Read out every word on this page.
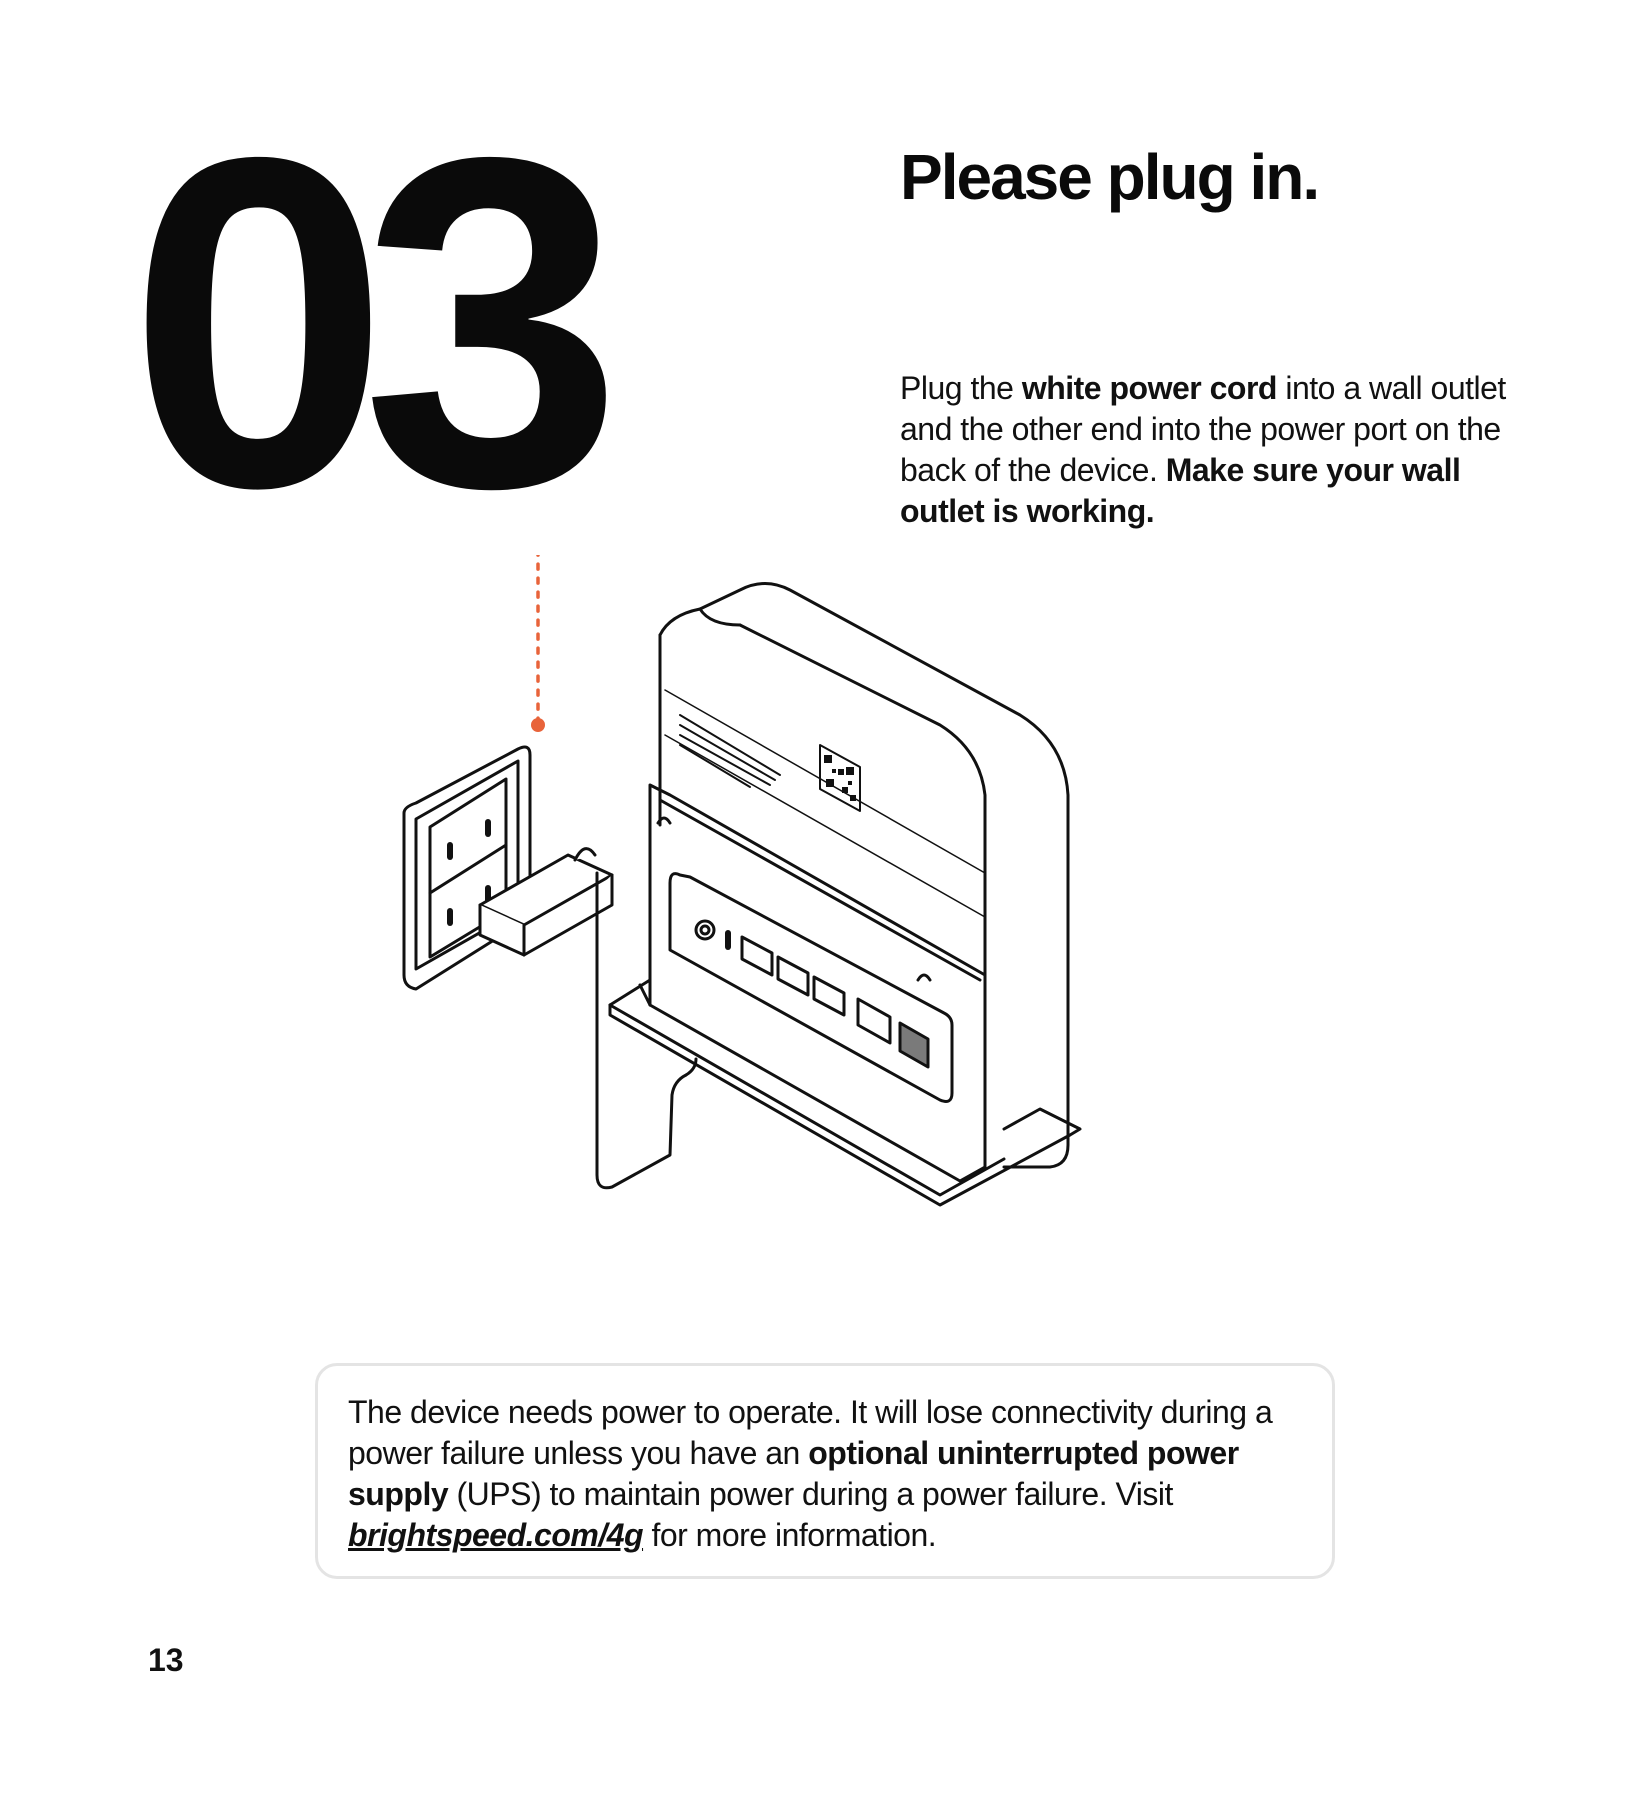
03	Please plug in.

Plug the white power cord into a wall outlet and the other end into the power port on the back of the device. Make sure your wall outlet is working.

The device needs power to operate. It will lose connectivity during a power failure unless you have an optional uninterrupted power supply (UPS) to maintain power during a power failure. Visit brightspeed.com/4g for more information.

13
